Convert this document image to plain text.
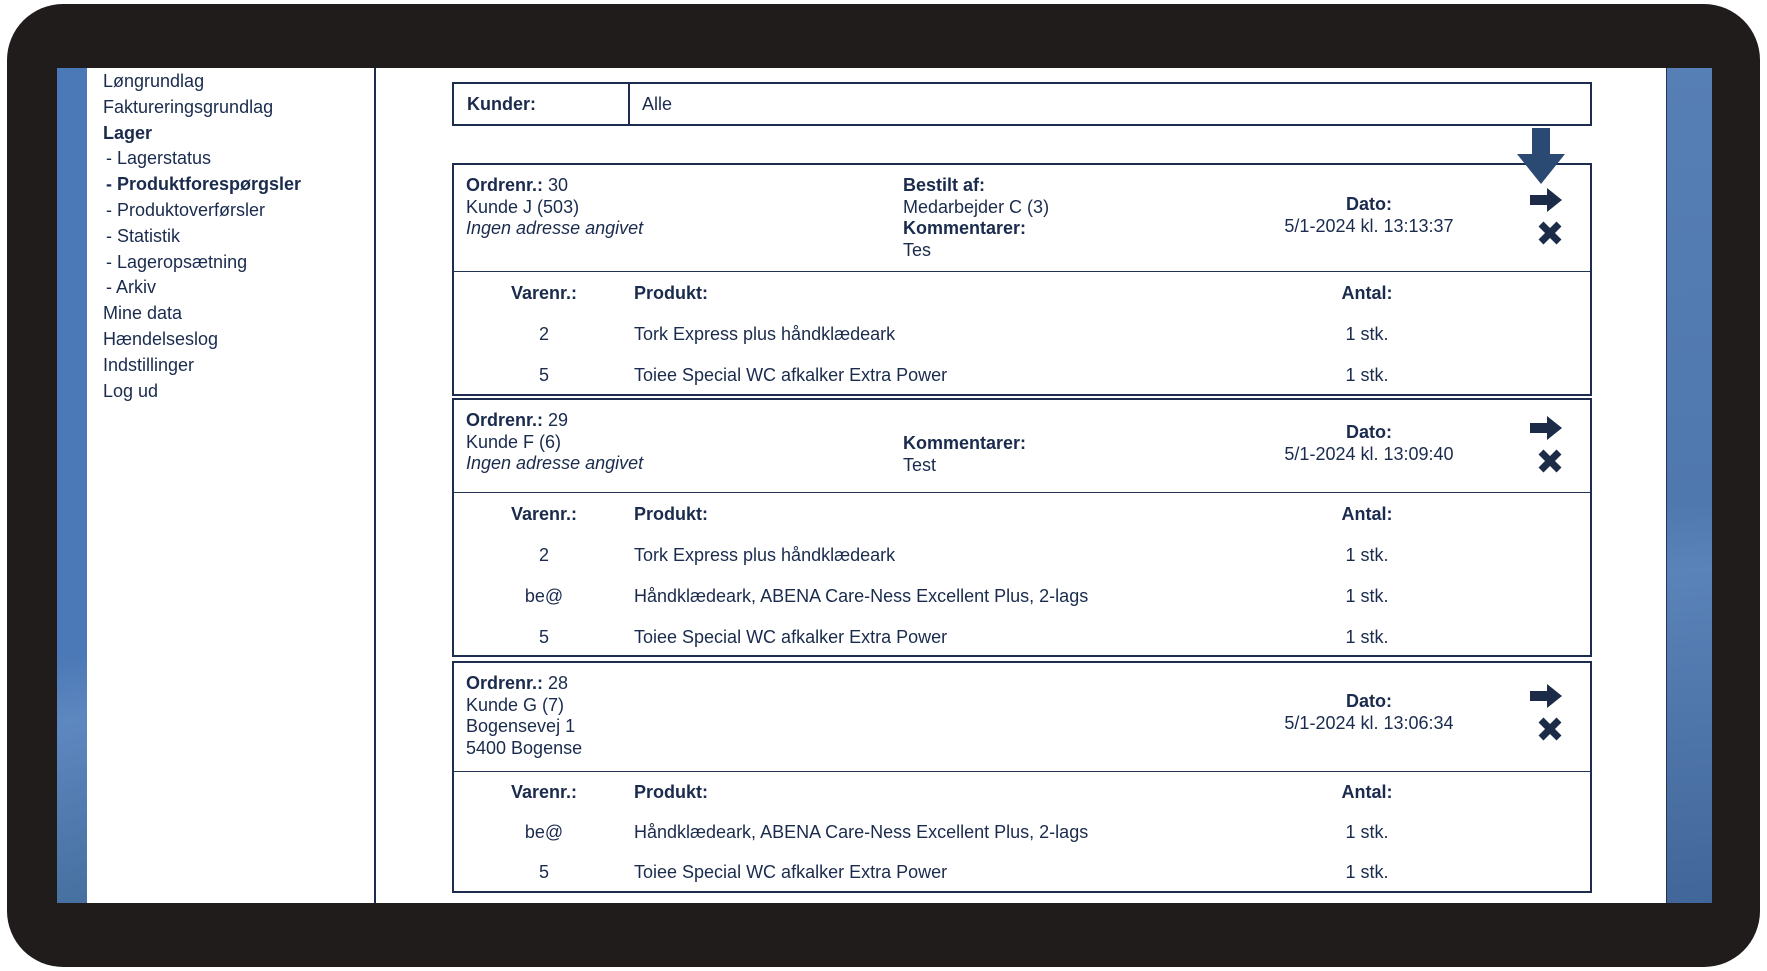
Løngrundlag
Faktureringsgrundlag
Lager
- Lagerstatus
- Produktforespørgsler
- Produktoverførsler
- Statistik
- Lageropsætning
- Arkiv
Mine data
Hændelseslog
Indstillinger
Log ud
Kunder:	Alle
Ordrenr.: 30
Kunde J (503)
Ingen adresse angivet
Bestilt af:
Medarbejder C (3)
Kommentarer:
Tes
Dato:
5/1-2024 kl. 13:13:37
Varenr.:	Produkt:	Antal:
2	Tork Express plus håndklædeark	1 stk.
5	Toiee Special WC afkalker Extra Power	1 stk.
Ordrenr.: 29
Kunde F (6)
Ingen adresse angivet
Kommentarer:
Test
Dato:
5/1-2024 kl. 13:09:40
Varenr.:	Produkt:	Antal:
2	Tork Express plus håndklædeark	1 stk.
be@	Håndklædeark, ABENA Care-Ness Excellent Plus, 2-lags	1 stk.
5	Toiee Special WC afkalker Extra Power	1 stk.
Ordrenr.: 28
Kunde G (7)
Bogensevej 1
5400 Bogense
Dato:
5/1-2024 kl. 13:06:34
Varenr.:	Produkt:	Antal:
be@	Håndklædeark, ABENA Care-Ness Excellent Plus, 2-lags	1 stk.
5	Toiee Special WC afkalker Extra Power	1 stk.
